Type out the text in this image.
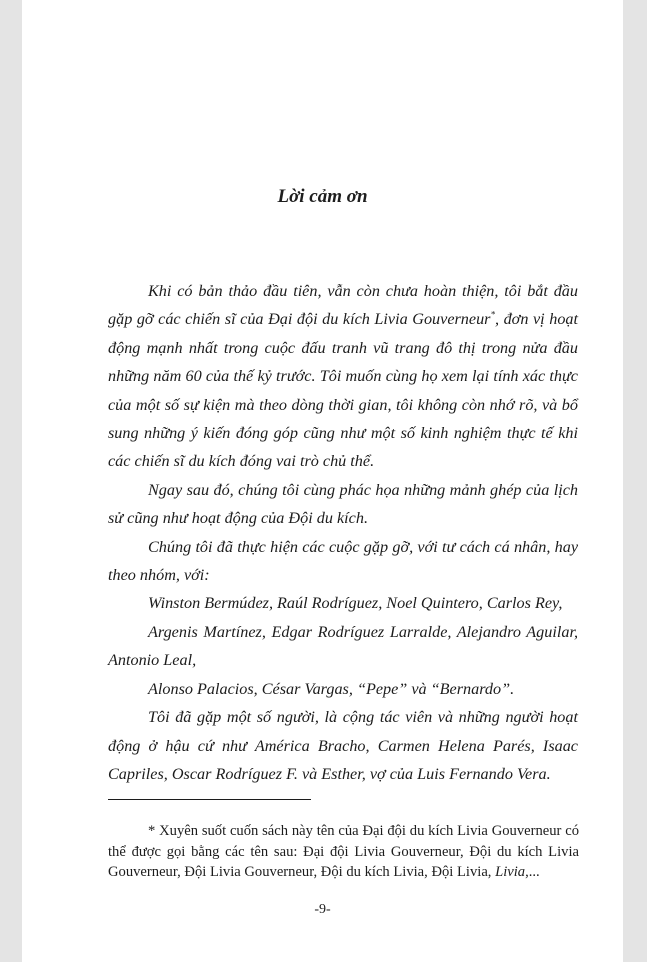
Lời cảm ơn

Khi có bản thảo đầu tiên, vẫn còn chưa hoàn thiện, tôi bắt đầu gặp gỡ các chiến sĩ của Đại đội du kích Livia Gouverneur*, đơn vị hoạt động mạnh nhất trong cuộc đấu tranh vũ trang đô thị trong nửa đầu những năm 60 của thế kỷ trước. Tôi muốn cùng họ xem lại tính xác thực của một số sự kiện mà theo dòng thời gian, tôi không còn nhớ rõ, và bổ sung những ý kiến đóng góp cũng như một số kinh nghiệm thực tế khi các chiến sĩ du kích đóng vai trò chủ thể.

Ngay sau đó, chúng tôi cùng phác họa những mảnh ghép của lịch sử cũng như hoạt động của Đội du kích.

Chúng tôi đã thực hiện các cuộc gặp gỡ, với tư cách cá nhân, hay theo nhóm, với:

Winston Bermúdez, Raúl Rodríguez, Noel Quintero, Carlos Rey,

Argenis Martínez, Edgar Rodríguez Larralde, Alejandro Aguilar, Antonio Leal,

Alonso Palacios, César Vargas, “Pepe” và “Bernardo”.

Tôi đã gặp một số người, là cộng tác viên và những người hoạt động ở hậu cứ như América Bracho, Carmen Helena Parés, Isaac Capriles, Oscar Rodríguez F. và Esther, vợ của Luis Fernando Vera.

* Xuyên suốt cuốn sách này tên của Đại đội du kích Livia Gouverneur có thể được gọi bằng các tên sau: Đại đội Livia Gouverneur, Đội du kích Livia Gouverneur, Đội Livia Gouverneur, Đội du kích Livia, Đội Livia, Livia,...

-9-
